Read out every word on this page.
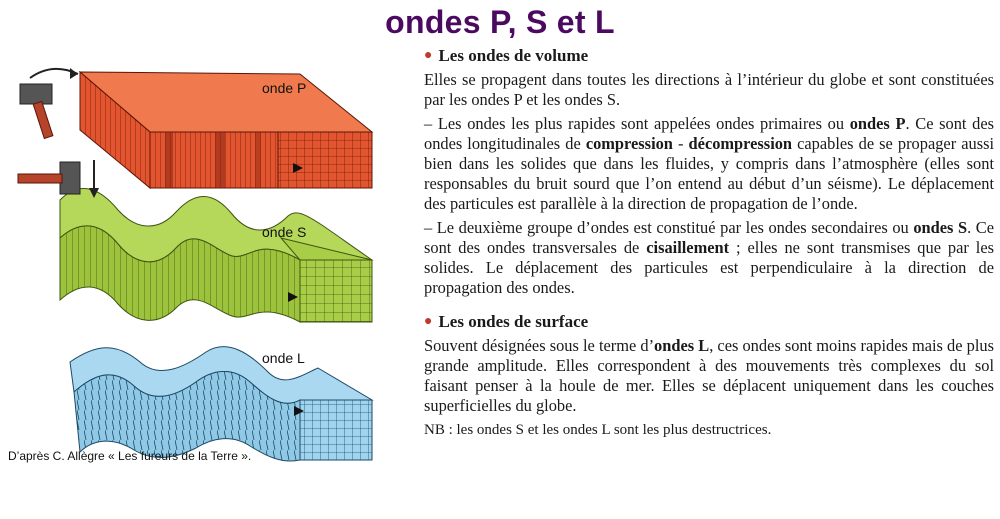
ondes P, S et L
onde P
onde S
onde L
D’après C. Allègre « Les fureurs de la Terre ».
● Les ondes de volume

Elles se propagent dans toutes les directions à l’intérieur du globe et sont constituées par les ondes P et les ondes S.

– Les ondes les plus rapides sont appelées ondes primaires ou ondes P. Ce sont des ondes longitudinales de compression - décompression capables de se propager aussi bien dans les solides que dans les fluides, y compris dans l’atmosphère (elles sont responsables du bruit sourd que l’on entend au début d’un séisme). Le déplacement des particules est parallèle à la direction de propagation de l’onde.

– Le deuxième groupe d’ondes est constitué par les ondes secondaires ou ondes S. Ce sont des ondes transversales de cisaillement ; elles ne sont transmises que par les solides. Le déplacement des particules est perpendiculaire à la direction de propagation des ondes.

● Les ondes de surface

Souvent désignées sous le terme d’ondes L, ces ondes sont moins rapides mais de plus grande amplitude. Elles correspondent à des mouvements très complexes du sol faisant penser à la houle de mer. Elles se déplacent uniquement dans les couches superficielles du globe.

NB : les ondes S et les ondes L sont les plus destructrices.
